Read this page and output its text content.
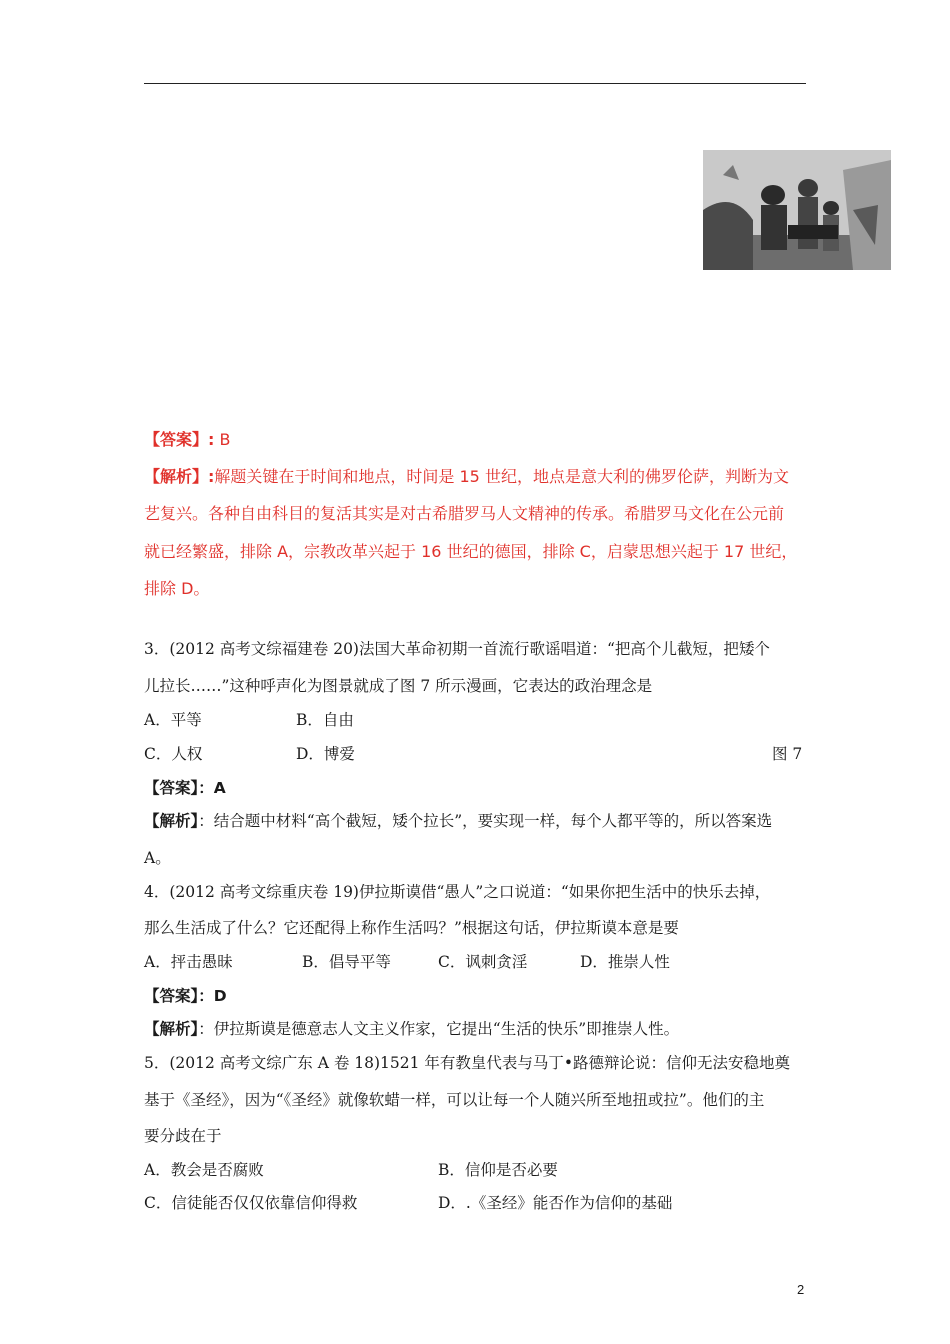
【答案】: B
【解析】:解题关键在于时间和地点，时间是 15 世纪，地点是意大利的佛罗伦萨，判断为文
艺复兴。各种自由科目的复活其实是对古希腊罗马人文精神的传承。希腊罗马文化在公元前
就已经繁盛，排除 A，宗教改革兴起于 16 世纪的德国，排除 C，启蒙思想兴起于 17 世纪，
排除 D。
3．(2012 高考文综福建卷 20)法国大革命初期一首流行歌谣唱道：“把高个儿截短，把矮个
儿拉长……”这种呼声化为图景就成了图 7 所示漫画，它表达的政治理念是
A．平等	B．自由
C．人权	D．博爱	图 7
【答案】：A
【解析】：结合题中材料“高个截短，矮个拉长”，要实现一样，每个人都平等的，所以答案选
A。
4．(2012 高考文综重庆卷 19)伊拉斯谟借“愚人”之口说道：“如果你把生活中的快乐去掉，
那么生活成了什么？它还配得上称作生活吗？”根据这句话，伊拉斯谟本意是要
A．抨击愚昧	B．倡导平等	C．讽刺贪淫	D．推崇人性
【答案】：D
【解析】：伊拉斯谟是德意志人文主义作家，它提出“生活的快乐”即推崇人性。
5．(2012 高考文综广东 A 卷 18)1521 年有教皇代表与马丁•路德辩论说：信仰无法安稳地奠
基于《圣经》，因为“《圣经》就像软蜡一样，可以让每一个人随兴所至地扭或拉”。他们的主
要分歧在于
A．教会是否腐败	B．信仰是否必要
C．信徒能否仅仅依靠信仰得救	D．.《圣经》能否作为信仰的基础
2
